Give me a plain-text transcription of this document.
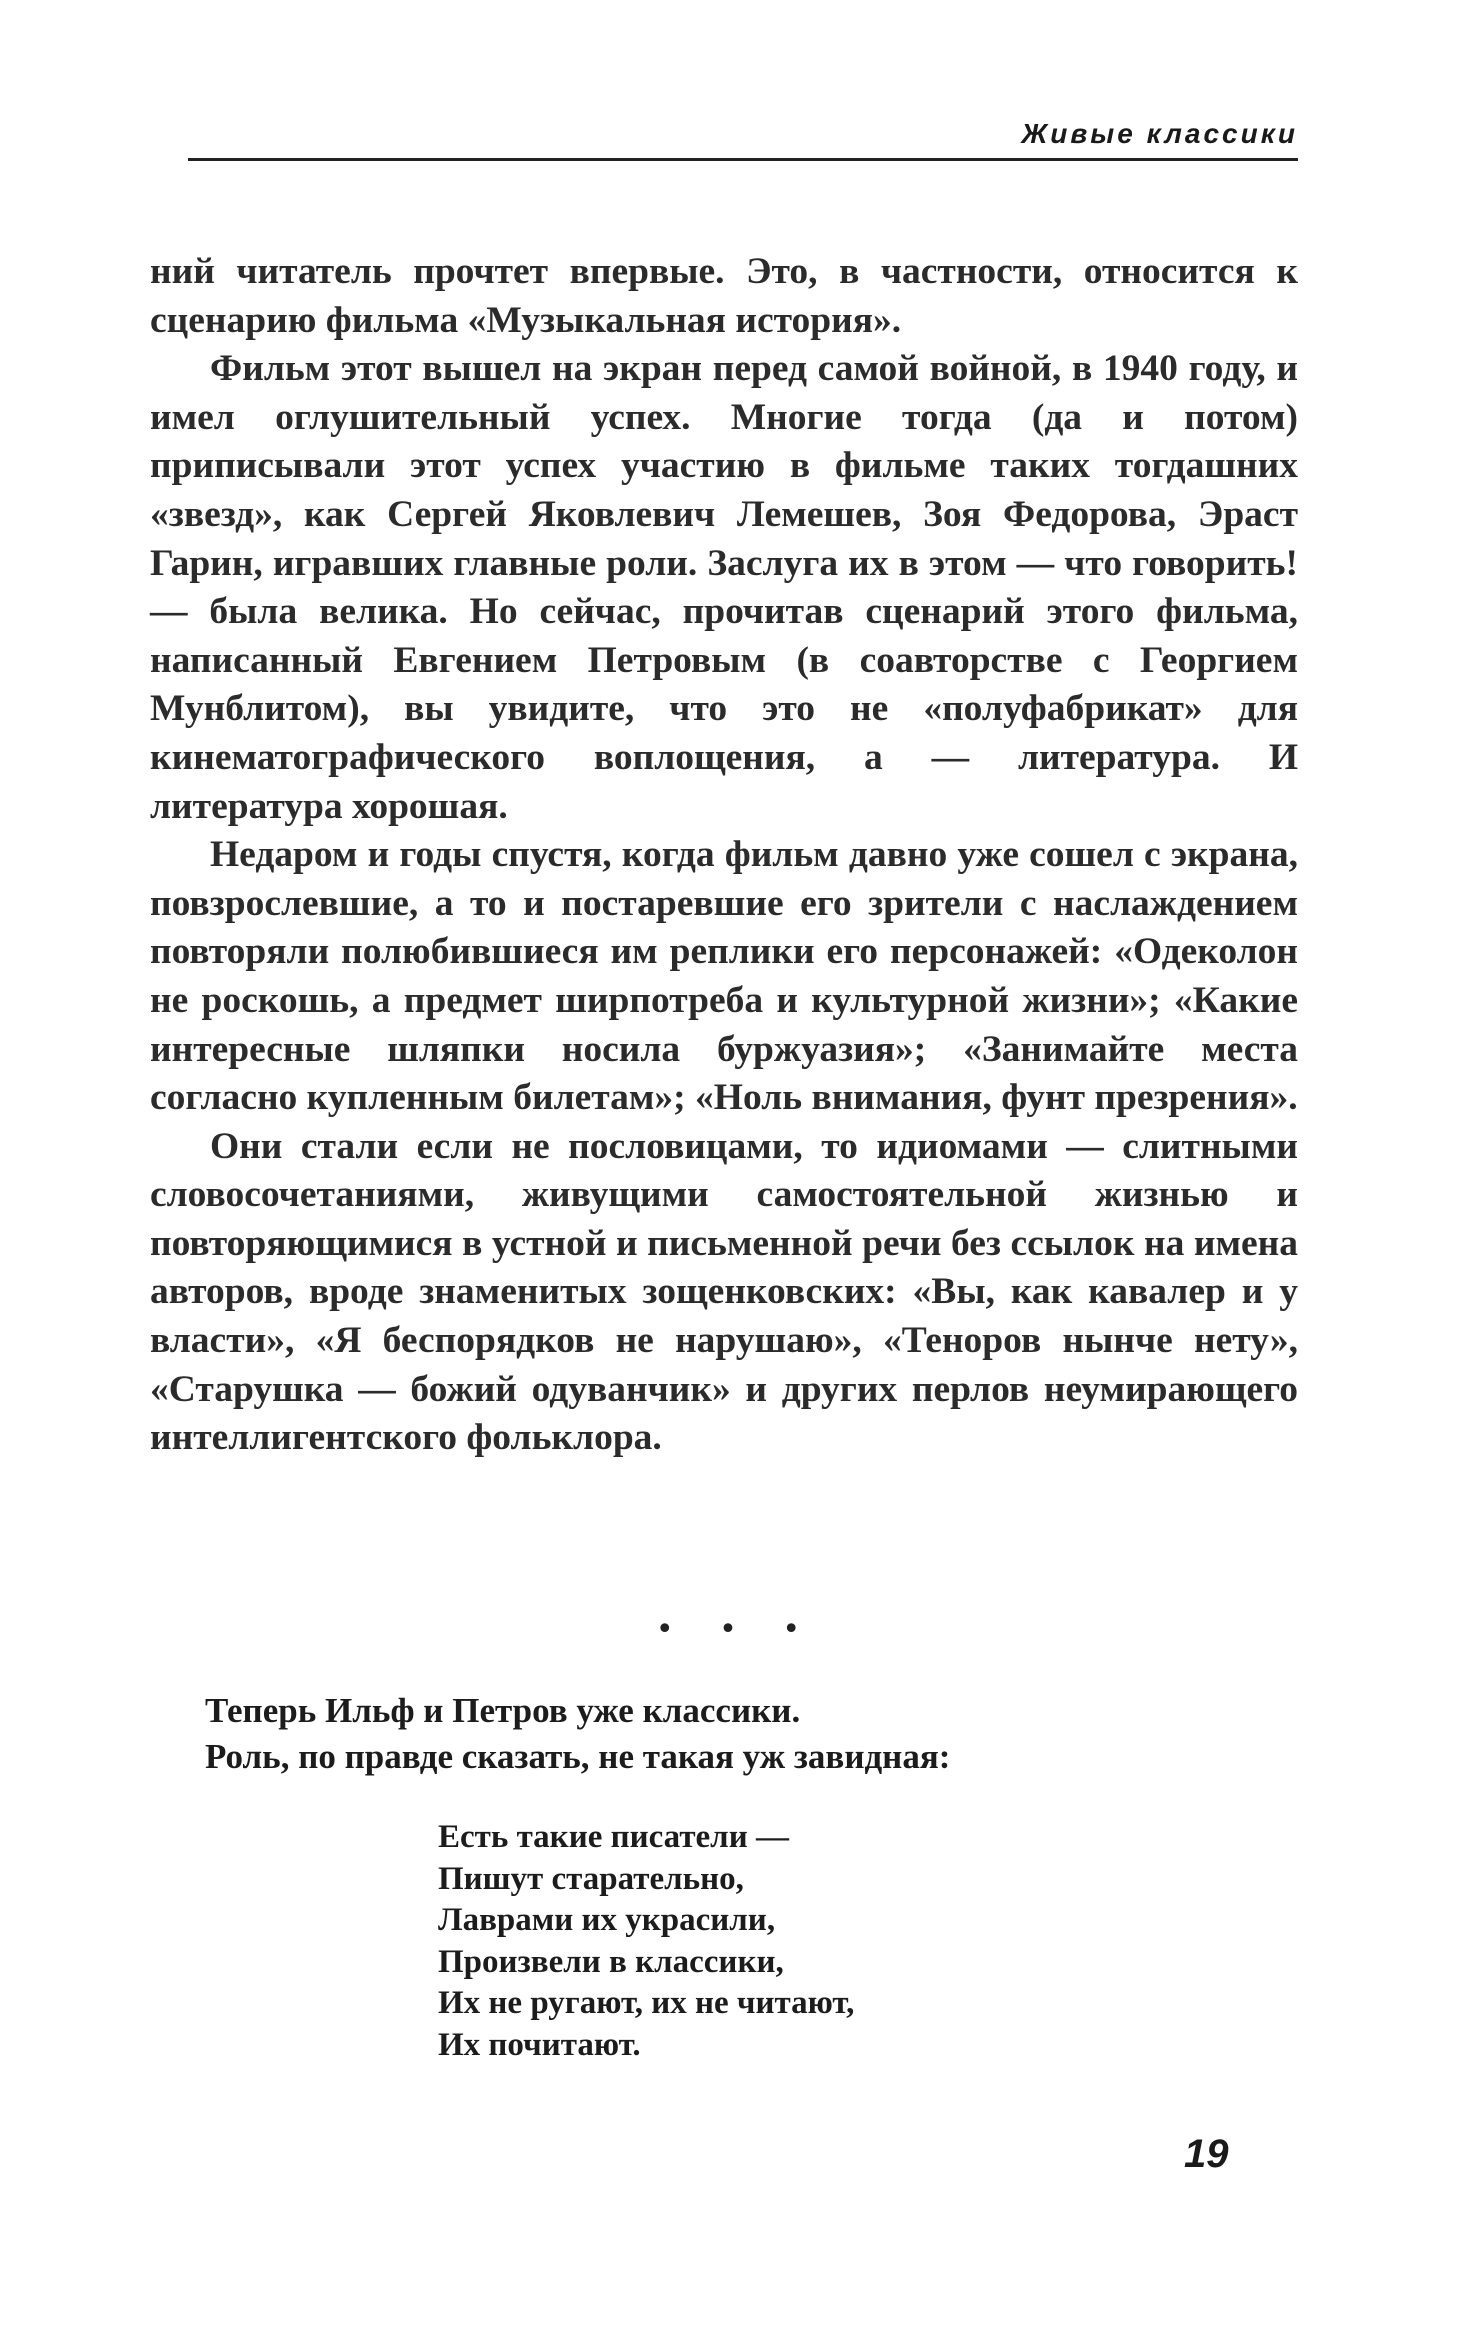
Живые классики

ний читатель прочтет впервые. Это, в частности, относится к сценарию фильма «Музыкальная история».

Фильм этот вышел на экран перед самой войной, в 1940 году, и имел оглушительный успех. Многие тогда (да и потом) приписывали этот успех участию в фильме таких тогдашних «звезд», как Сергей Яковлевич Лемешев, Зоя Федорова, Эраст Гарин, игравших главные роли. Заслуга их в этом — что говорить! — была велика. Но сейчас, прочитав сценарий этого фильма, написанный Евгением Петровым (в соавторстве с Георгием Мунблитом), вы увидите, что это не «полуфабрикат» для кинематографического воплощения, а — литература. И литература хорошая.

Недаром и годы спустя, когда фильм давно уже сошел с экрана, повзрослевшие, а то и постаревшие его зрители с наслаждением повторяли полюбившиеся им реплики его персонажей: «Одеколон не роскошь, а предмет ширпотреба и культурной жизни»; «Какие интересные шляпки носила буржуазия»; «Занимайте места согласно купленным билетам»; «Ноль внимания, фунт презрения».

Они стали если не пословицами, то идиомами — слитными словосочетаниями, живущими самостоятельной жизнью и повторяющимися в устной и письменной речи без ссылок на имена авторов, вроде знаменитых зощенковских: «Вы, как кавалер и у власти», «Я беспорядков не нарушаю», «Теноров нынче нету», «Старушка — божий одуванчик» и других перлов неумирающего интеллигентского фольклора.

• • •
Теперь Ильф и Петров уже классики.
Роль, по правде сказать, не такая уж завидная:
Есть такие писатели —
Пишут старательно,
Лаврами их украсили,
Произвели в классики,
Их не ругают, их не читают,
Их почитают.
19
